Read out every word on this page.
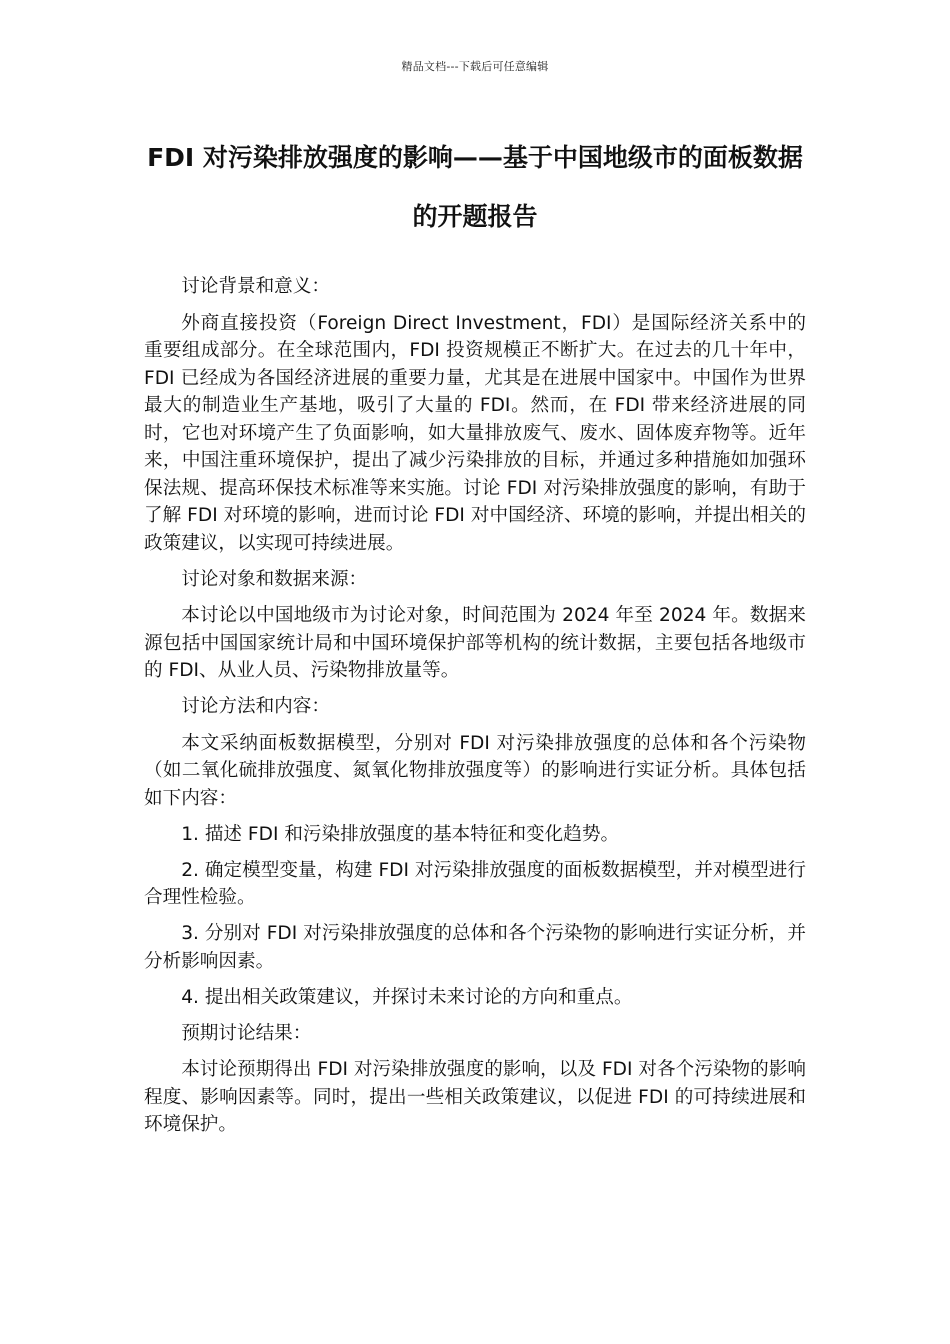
精品文档---下载后可任意编辑
FDI 对污染排放强度的影响——基于中国地级市的面板数据的开题报告

讨论背景和意义：

外商直接投资（Foreign Direct Investment，FDI）是国际经济关系中的重要组成部分。在全球范围内，FDI 投资规模正不断扩大。在过去的几十年中，FDI 已经成为各国经济进展的重要力量，尤其是在进展中国家中。中国作为世界最大的制造业生产基地，吸引了大量的 FDI。然而，在 FDI 带来经济进展的同时，它也对环境产生了负面影响，如大量排放废气、废水、固体废弃物等。近年来，中国注重环境保护，提出了减少污染排放的目标，并通过多种措施如加强环保法规、提高环保技术标准等来实施。讨论 FDI 对污染排放强度的影响，有助于了解 FDI 对环境的影响，进而讨论 FDI 对中国经济、环境的影响，并提出相关的政策建议，以实现可持续进展。

讨论对象和数据来源：

本讨论以中国地级市为讨论对象，时间范围为 2024 年至 2024 年。数据来源包括中国国家统计局和中国环境保护部等机构的统计数据，主要包括各地级市的 FDI、从业人员、污染物排放量等。

讨论方法和内容：

本文采纳面板数据模型，分别对 FDI 对污染排放强度的总体和各个污染物（如二氧化硫排放强度、氮氧化物排放强度等）的影响进行实证分析。具体包括如下内容：

1. 描述 FDI 和污染排放强度的基本特征和变化趋势。

2. 确定模型变量，构建 FDI 对污染排放强度的面板数据模型，并对模型进行合理性检验。

3. 分别对 FDI 对污染排放强度的总体和各个污染物的影响进行实证分析，并分析影响因素。

4. 提出相关政策建议，并探讨未来讨论的方向和重点。

预期讨论结果：

本讨论预期得出 FDI 对污染排放强度的影响，以及 FDI 对各个污染物的影响程度、影响因素等。同时，提出一些相关政策建议，以促进 FDI 的可持续进展和环境保护。
